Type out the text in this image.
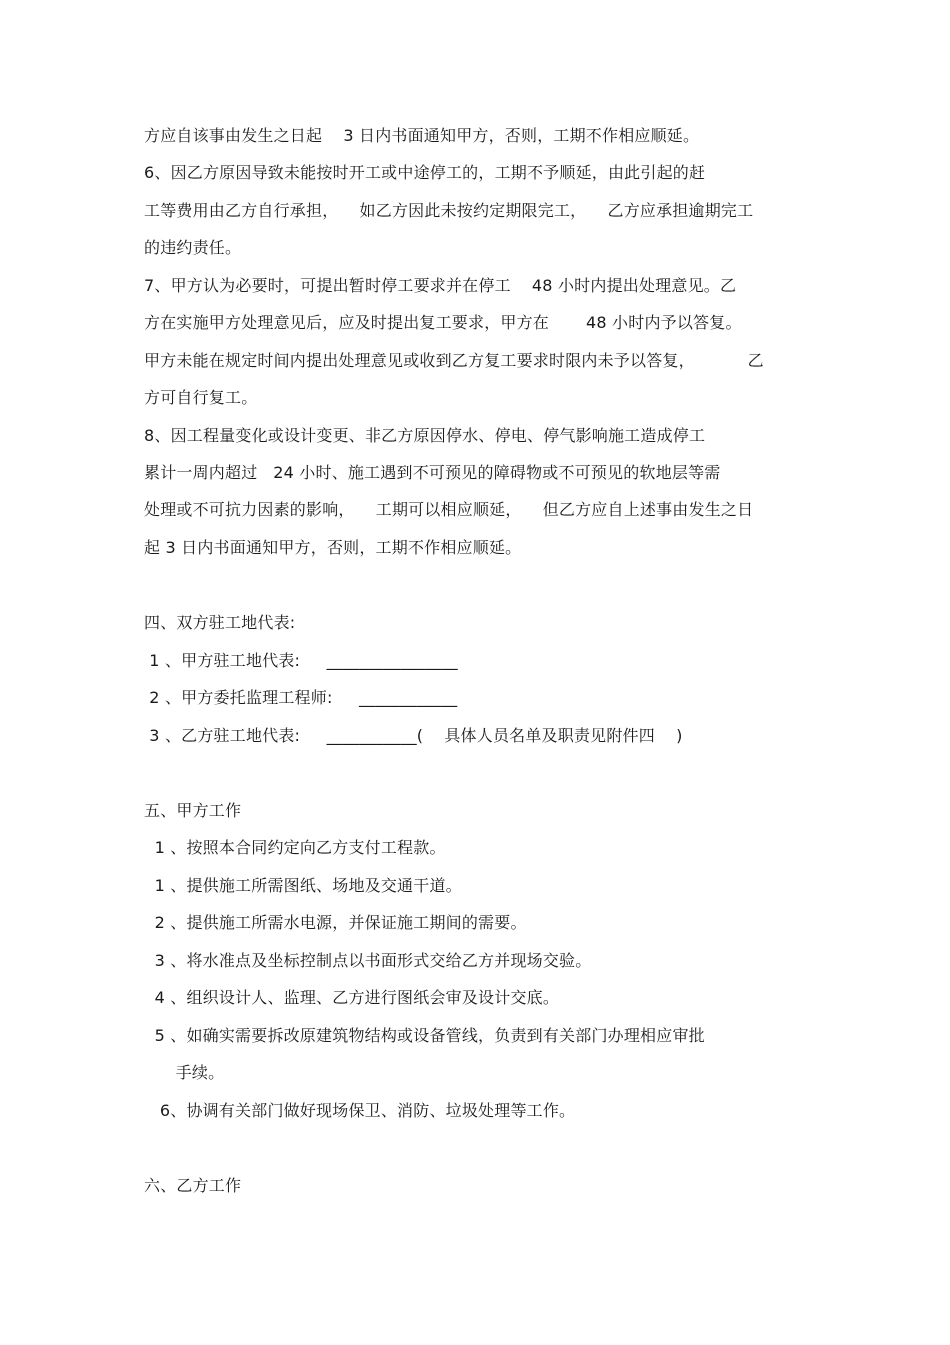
方应自该事由发生之日起    3 日内书面通知甲方，否则，工期不作相应顺延。
6、因乙方原因导致未能按时开工或中途停工的，工期不予顺延，由此引起的赶
工等费用由乙方自行承担，    如乙方因此未按约定期限完工，    乙方应承担逾期完工
的违约责任。
7、甲方认为必要时，可提出暂时停工要求并在停工    48 小时内提出处理意见。乙
方在实施甲方处理意见后，应及时提出复工要求，甲方在       48 小时内予以答复。
甲方未能在规定时间内提出处理意见或收到乙方复工要求时限内未予以答复，          乙
方可自行复工。
8、因工程量变化或设计变更、非乙方原因停水、停电、停气影响施工造成停工
累计一周内超过   24 小时、施工遇到不可预见的障碍物或不可预见的软地层等需
处理或不可抗力因素的影响，    工期可以相应顺延，    但乙方应自上述事由发生之日
起 3 日内书面通知甲方，否则，工期不作相应顺延。
四、双方驻工地代表:
1 、甲方驻工地代表:     ________________
2 、甲方委托监理工程师:     ____________
3 、乙方驻工地代表:     ___________(    具体人员名单及职责见附件四    )
五、甲方工作
1 、按照本合同约定向乙方支付工程款。
1 、提供施工所需图纸、场地及交通干道。
2 、提供施工所需水电源，并保证施工期间的需要。
3 、将水准点及坐标控制点以书面形式交给乙方并现场交验。
4 、组织设计人、监理、乙方进行图纸会审及设计交底。
5 、如确实需要拆改原建筑物结构或设备管线，负责到有关部门办理相应审批
手续。
6、协调有关部门做好现场保卫、消防、垃圾处理等工作。
六、乙方工作
